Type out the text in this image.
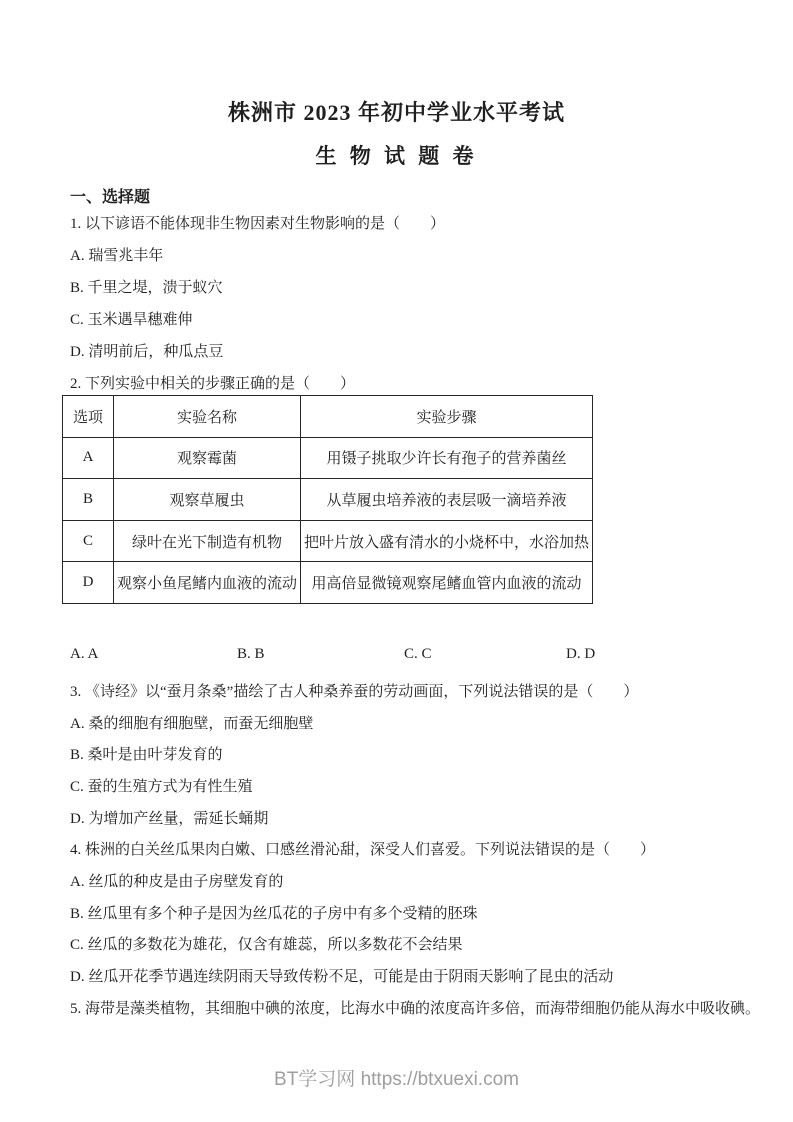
株洲市 2023 年初中学业水平考试
生 物 试 题 卷
一、选择题
1. 以下谚语不能体现非生物因素对生物影响的是（　　）
A. 瑞雪兆丰年
B. 千里之堤，溃于蚁穴
C. 玉米遇旱穗难伸
D. 清明前后，种瓜点豆
2. 下列实验中相关的步骤正确的是（　　）
选项	实验名称	实验步骤
A	观察霉菌	用镊子挑取少许长有孢子的营养菌丝
B	观察草履虫	从草履虫培养液的表层吸一滴培养液
C	绿叶在光下制造有机物	把叶片放入盛有清水的小烧杯中，水浴加热
D	观察小鱼尾鳍内血液的流动	用高倍显微镜观察尾鳍血管内血液的流动
A. A	B. B	C. C	D. D
3. 《诗经》以“蚕月条桑”描绘了古人种桑养蚕的劳动画面，下列说法错误的是（　　）
A. 桑的细胞有细胞壁，而蚕无细胞壁
B. 桑叶是由叶芽发育的
C. 蚕的生殖方式为有性生殖
D. 为增加产丝量，需延长蛹期
4. 株洲的白关丝瓜果肉白嫩、口感丝滑沁甜，深受人们喜爱。下列说法错误的是（　　）
A. 丝瓜的种皮是由子房壁发育的
B. 丝瓜里有多个种子是因为丝瓜花的子房中有多个受精的胚珠
C. 丝瓜的多数花为雄花，仅含有雄蕊，所以多数花不会结果
D. 丝瓜开花季节遇连续阴雨天导致传粉不足，可能是由于阴雨天影响了昆虫的活动
5. 海带是藻类植物，其细胞中碘的浓度，比海水中确的浓度高许多倍，而海带细胞仍能从海水中吸收碘。
BT学习网 https://btxuexi.com
